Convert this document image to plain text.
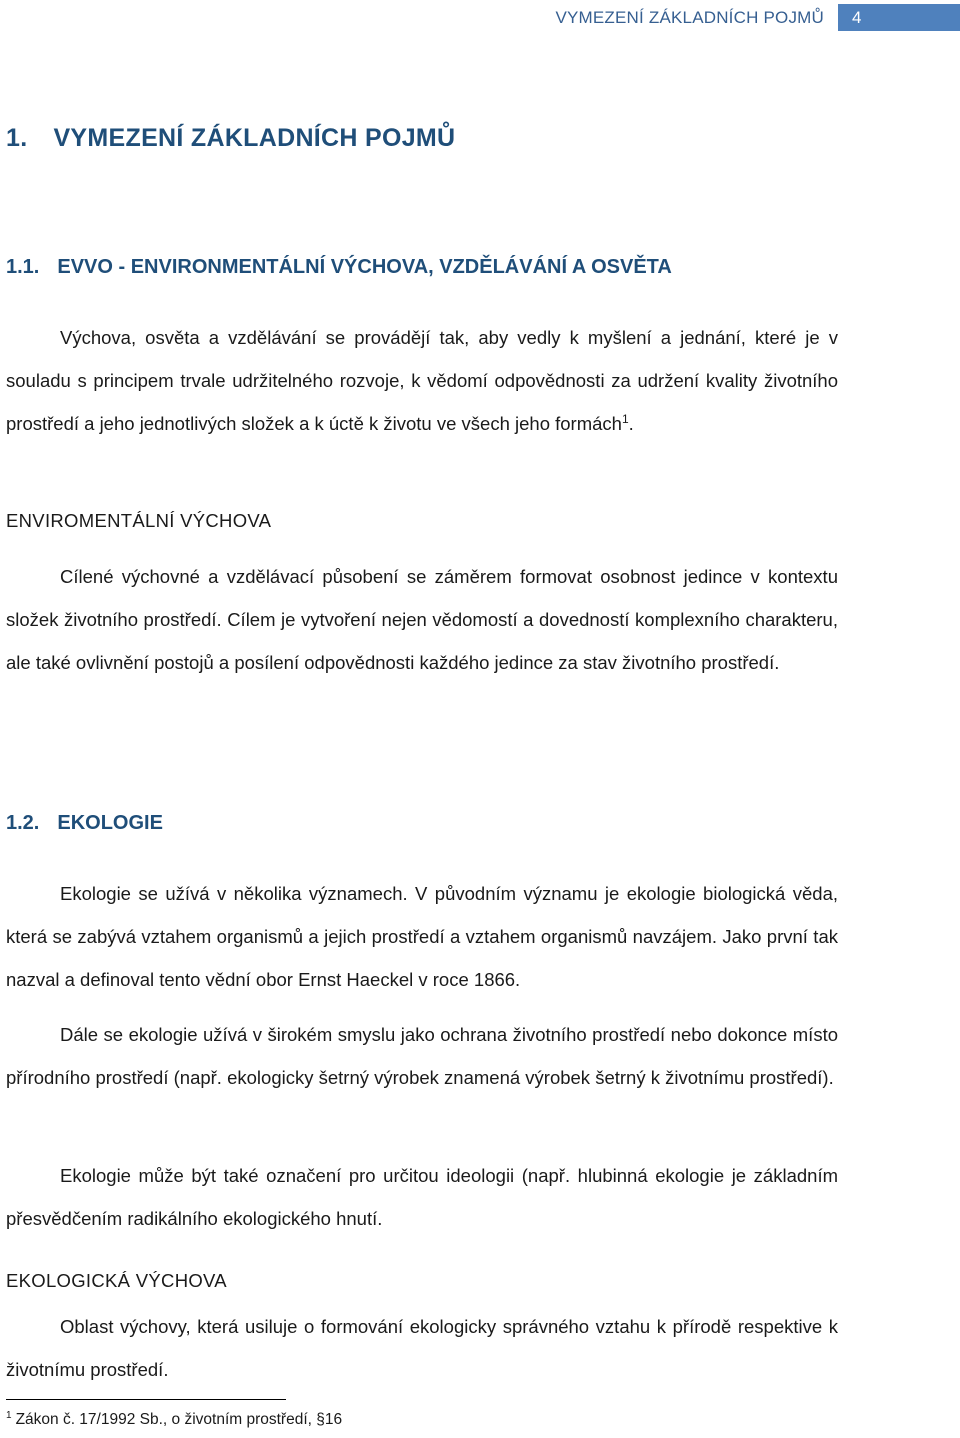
VYMEZENÍ ZÁKLADNÍCH POJMŮ	4
1. VYMEZENÍ ZÁKLADNÍCH POJMŮ
1.1. EVVO - ENVIRONMENTÁLNÍ VÝCHOVA, VZDĚLÁVÁNÍ A OSVĚTA
Výchova, osvěta a vzdělávání se provádějí tak, aby vedly k myšlení a jednání, které je v souladu s principem trvale udržitelného rozvoje, k vědomí odpovědnosti za udržení kvality životního prostředí a jeho jednotlivých složek a k úctě k životu ve všech jeho formách$^1$.
ENVIROMENTÁLNÍ VÝCHOVA
Cílené výchovné a vzdělávací působení se záměrem formovat osobnost jedince v kontextu složek životního prostředí. Cílem je vytvoření nejen vědomostí a dovedností komplexního charakteru, ale také ovlivnění postojů a posílení odpovědnosti každého jedince za stav životního prostředí.
1.2. EKOLOGIE
Ekologie se užívá v několika významech. V původním významu je ekologie biologická věda, která se zabývá vztahem organismů a jejich prostředí a vztahem organismů navzájem. Jako první tak nazval a definoval tento vědní obor Ernst Haeckel v roce 1866.
Dále se ekologie užívá v širokém smyslu jako ochrana životního prostředí nebo dokonce místo přírodního prostředí (např. ekologicky šetrný výrobek znamená výrobek šetrný k životnímu prostředí).
Ekologie může být také označení pro určitou ideologii (např. hlubinná ekologie je základním přesvědčením radikálního ekologického hnutí.
EKOLOGICKÁ VÝCHOVA
Oblast výchovy, která usiluje o formování ekologicky správného vztahu k přírodě respektive k životnímu prostředí.
$^1$ Zákon č. 17/1992 Sb., o životním prostředí, §16
